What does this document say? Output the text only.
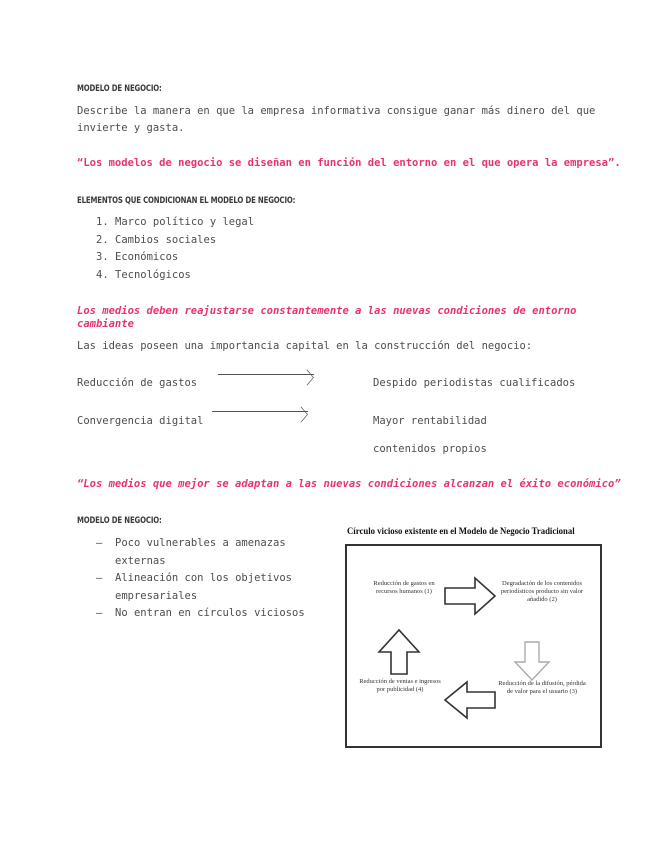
MODELO DE NEGOCIO:
Describe la manera en que la empresa informativa consigue ganar más dinero del que
invierte y gasta.
“Los modelos de negocio se diseñan en función del entorno en el que opera la empresa”.
ELEMENTOS QUE CONDICIONAN EL MODELO DE NEGOCIO:
1. Marco político y legal
2. Cambios sociales
3. Económicos
4. Tecnológicos
Los medios deben reajustarse constantemente a las nuevas condiciones de entorno
cambiante
Las ideas poseen una importancia capital en la construcción del negocio:
Reducción de gastos	〉	Despido periodistas cualificados
Convergencia digital	〉	Mayor rentabilidad
contenidos propios
“Los medios que mejor se adaptan a las nuevas condiciones alcanzan el éxito económico”
MODELO DE NEGOCIO:
– Poco vulnerables a amenazas externas
– Alineación con los objetivos
empresariales
– No entran en círculos viciosos
Círculo vicioso existente en el Modelo de Negocio Tradicional
Reducción de gastos en recursos humanos (1)
Degradación de los contenidos periodísticos producto sin valor añadido (2)
Reducción de la difusión, pérdida de valor para el usuario (3)
Reducción de ventas e ingresos por publicidad (4)
